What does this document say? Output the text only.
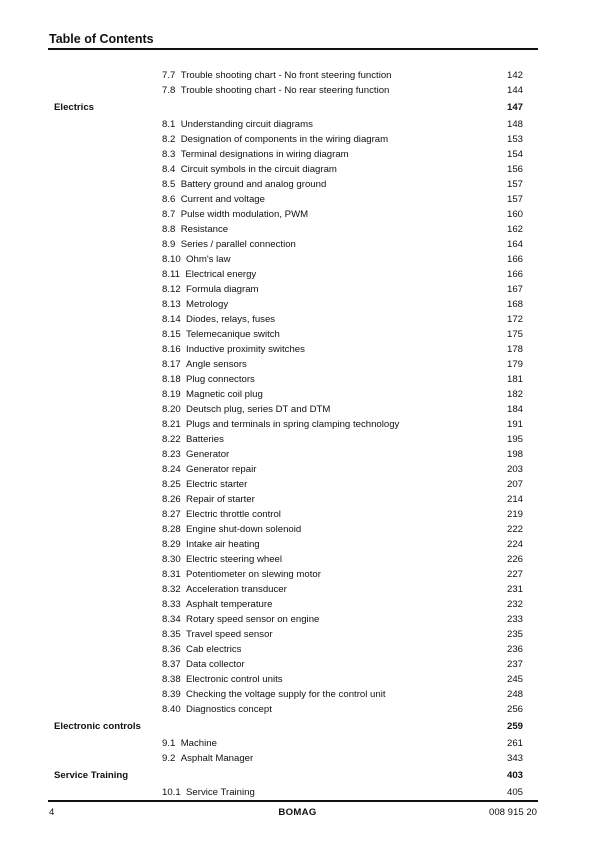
Table of Contents
7.7 Trouble shooting chart - No front steering function	142
7.8 Trouble shooting chart - No rear steering function	144
Electrics	147
8.1 Understanding circuit diagrams	148
8.2 Designation of components in the wiring diagram	153
8.3 Terminal designations in wiring diagram	154
8.4 Circuit symbols in the circuit diagram	156
8.5 Battery ground and analog ground	157
8.6 Current and voltage	157
8.7 Pulse width modulation, PWM	160
8.8 Resistance	162
8.9 Series / parallel connection	164
8.10 Ohm's law	166
8.11 Electrical energy	166
8.12 Formula diagram	167
8.13 Metrology	168
8.14 Diodes, relays, fuses	172
8.15 Telemecanique switch	175
8.16 Inductive proximity switches	178
8.17 Angle sensors	179
8.18 Plug connectors	181
8.19 Magnetic coil plug	182
8.20 Deutsch plug, series DT and DTM	184
8.21 Plugs and terminals in spring clamping technology	191
8.22 Batteries	195
8.23 Generator	198
8.24 Generator repair	203
8.25 Electric starter	207
8.26 Repair of starter	214
8.27 Electric throttle control	219
8.28 Engine shut-down solenoid	222
8.29 Intake air heating	224
8.30 Electric steering wheel	226
8.31 Potentiometer on slewing motor	227
8.32 Acceleration transducer	231
8.33 Asphalt temperature	232
8.34 Rotary speed sensor on engine	233
8.35 Travel speed sensor	235
8.36 Cab electrics	236
8.37 Data collector	237
8.38 Electronic control units	245
8.39 Checking the voltage supply for the control unit	248
8.40 Diagnostics concept	256
Electronic controls	259
9.1 Machine	261
9.2 Asphalt Manager	343
Service Training	403
10.1 Service Training	405
4	BOMAG	008 915 20
